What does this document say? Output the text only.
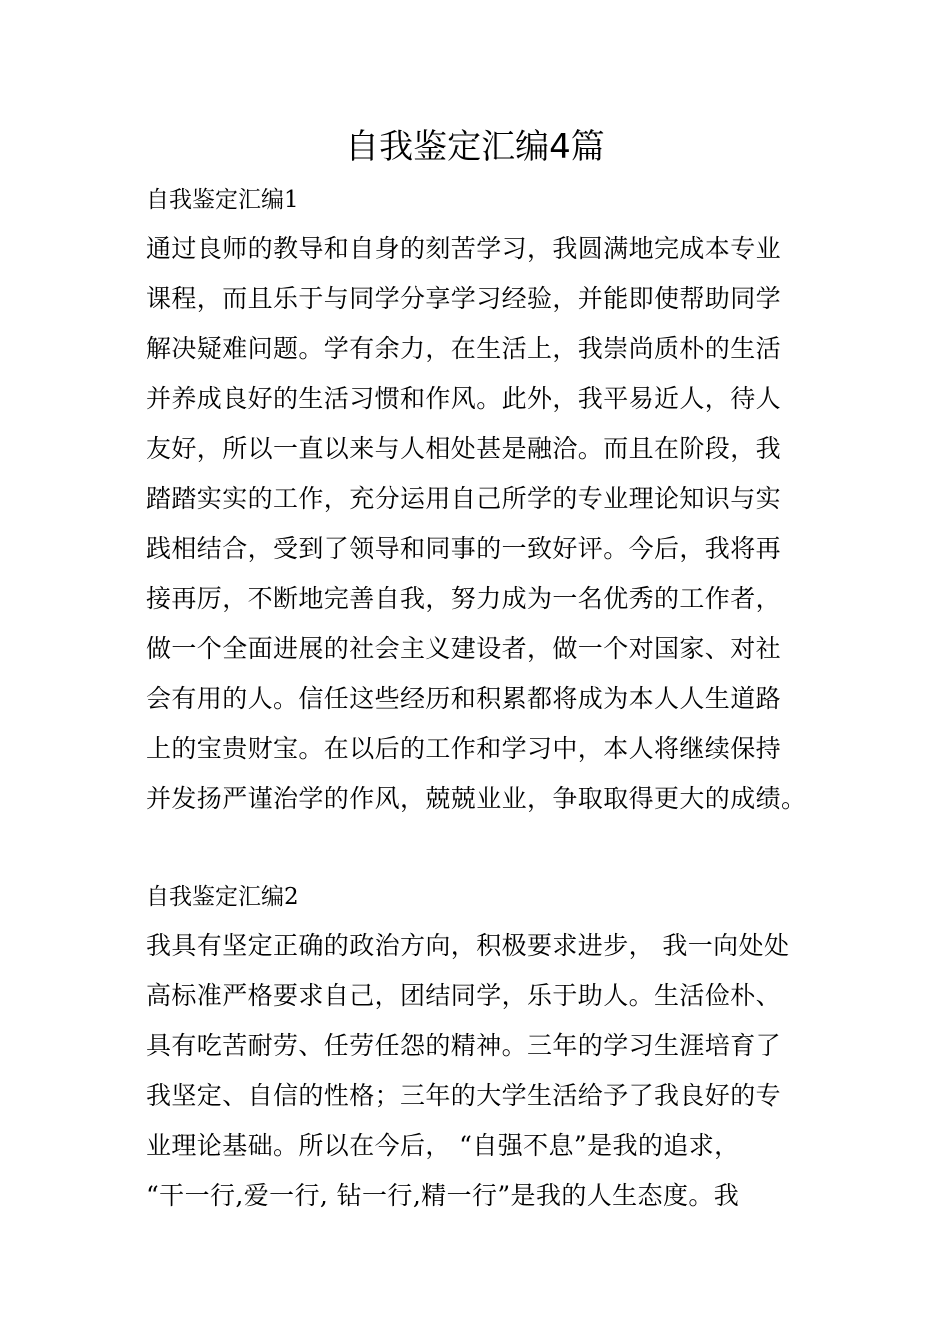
自我鉴定汇编4篇

自我鉴定汇编1

通过良师的教导和自身的刻苦学习，我圆满地完成本专业

课程，而且乐于与同学分享学习经验，并能即使帮助同学

解决疑难问题。学有余力，在生活上，我崇尚质朴的生活

并养成良好的生活习惯和作风。此外，我平易近人，待人

友好，所以一直以来与人相处甚是融洽。而且在阶段，我

踏踏实实的工作，充分运用自己所学的专业理论知识与实

践相结合，受到了领导和同事的一致好评。今后，我将再

接再厉，不断地完善自我，努力成为一名优秀的工作者，

做一个全面进展的社会主义建设者，做一个对国家、对社

会有用的人。信任这些经历和积累都将成为本人人生道路

上的宝贵财宝。在以后的工作和学习中，本人将继续保持

并发扬严谨治学的作风，兢兢业业，争取取得更大的成绩。

自我鉴定汇编2

我具有坚定正确的政治方向，积极要求进步， 我一向处处

高标准严格要求自己，团结同学，乐于助人。生活俭朴、

具有吃苦耐劳、任劳任怨的精神。三年的学习生涯培育了

我坚定、自信的性格；三年的大学生活给予了我良好的专

业理论基础。所以在今后， “自强不息”是我的追求，

“干一行,爱一行, 钻一行,精一行”是我的人生态度。我
